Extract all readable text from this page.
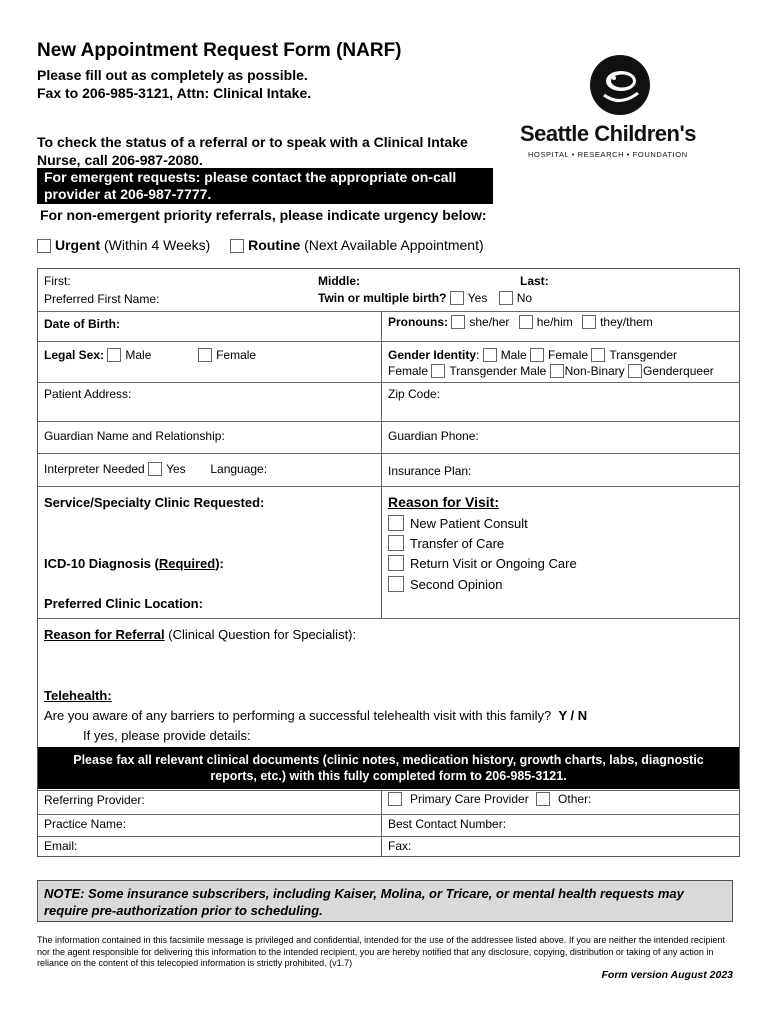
New Appointment Request Form (NARF)
Please fill out as completely as possible.
Fax to 206-985-3121, Attn: Clinical Intake.
To check the status of a referral or to speak with a Clinical Intake Nurse, call 206-987-2080.
For emergent requests: please contact the appropriate on-call provider at 206-987-7777.
For non-emergent priority referrals, please indicate urgency below:
Seattle Children's
HOSPITAL • RESEARCH • FOUNDATION
Urgent (Within 4 Weeks)	Routine (Next Available Appointment)
First:	Middle:	Last:
Preferred First Name:	Twin or multiple birth? Yes No
Date of Birth:	Pronouns: she/her he/him they/them
Legal Sex: Male	Female	Gender Identity: Male Female Transgender
Female Transgender Male Non-Binary Genderqueer
Patient Address:	Zip Code:
Guardian Name and Relationship:	Guardian Phone:
Interpreter Needed Yes Language:	Insurance Plan:
Service/Specialty Clinic Requested:
ICD-10 Diagnosis (Required):
Preferred Clinic Location:
Reason for Visit:
New Patient Consult
Transfer of Care
Return Visit or Ongoing Care
Second Opinion
Reason for Referral (Clinical Question for Specialist):
Telehealth:
Are you aware of any barriers to performing a successful telehealth visit with this family? Y / N
If yes, please provide details:
Please fax all relevant clinical documents (clinic notes, medication history, growth charts, labs, diagnostic
reports, etc.) with this fully completed form to 206-985-3121.
Referring Provider:	Primary Care Provider Other:
Practice Name:	Best Contact Number:
Email:	Fax:
NOTE: Some insurance subscribers, including Kaiser, Molina, or Tricare, or mental health requests may require pre-authorization prior to scheduling.
The information contained in this facsimile message is privileged and confidential, intended for the use of the addressee listed above. If you are neither the intended recipient nor the agent responsible for delivering this information to the intended recipient, you are hereby notified that any disclosure, copying, distribution or taking of any action in reliance on the content of this telecopied information is strictly prohibited. (v1.7)
Form version August 2023
